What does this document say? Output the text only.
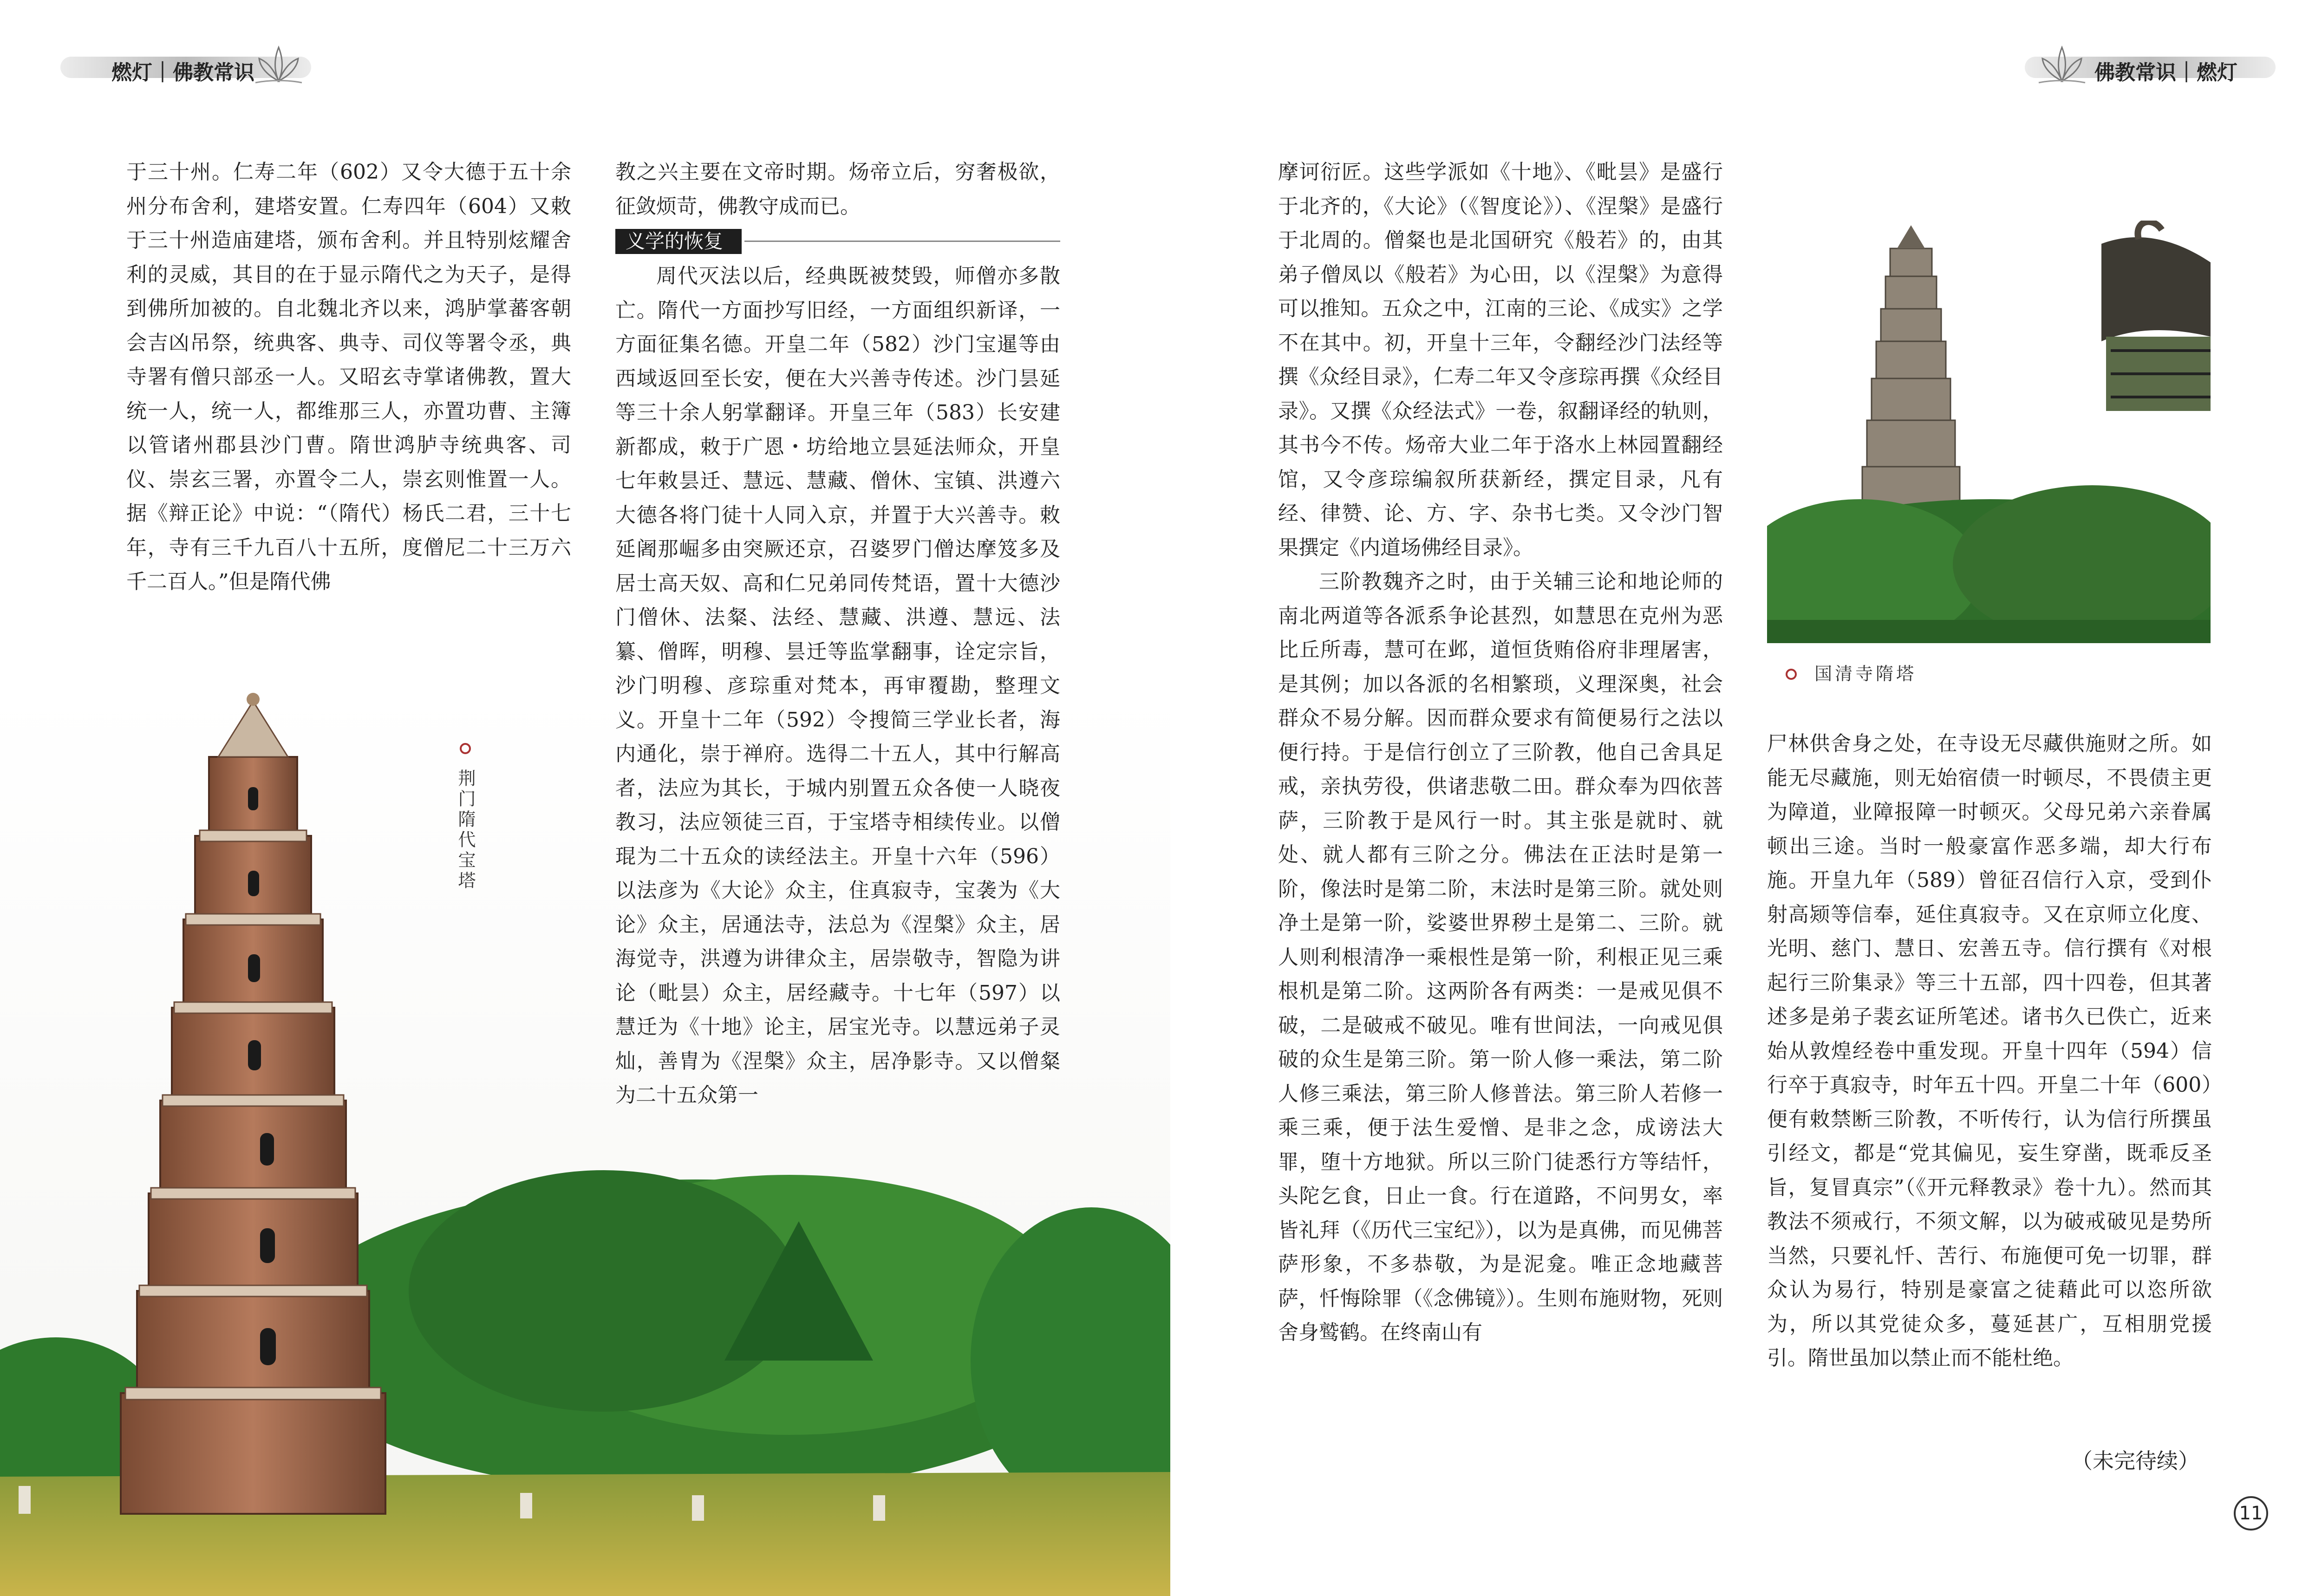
燃灯｜佛教常识	佛教常识｜燃灯
荆门隋代宝塔
国清寺隋塔

于三十州。仁寿二年（602）又令大德于五十余州分布舍利，建塔安置。仁寿四年（604）又敕于三十州造庙建塔，颁布舍利。并且特别炫耀舍利的灵威，其目的在于显示隋代之为天子，是得到佛所加被的。自北魏北齐以来，鸿胪掌蕃客朝会吉凶吊祭，统典客、典寺、司仪等署令丞，典寺署有僧只部丞一人。又昭玄寺掌诸佛教，置大统一人，统一人，都维那三人，亦置功曹、主簿以管诸州郡县沙门曹。隋世鸿胪寺统典客、司仪、崇玄三署，亦置令二人，崇玄则惟置一人。据《辩正论》中说：“（隋代）杨氏二君，三十七年，寺有三千九百八十五所，度僧尼二十三万六千二百人。”但是隋代佛

教之兴主要在文帝时期。炀帝立后，穷奢极欲，征敛烦苛，佛教守成而已。

义学的恢复

周代灭法以后，经典既被焚毁，师僧亦多散亡。隋代一方面抄写旧经，一方面组织新译，一方面征集名德。开皇二年（582）沙门宝暹等由西域返回至长安，便在大兴善寺传述。沙门昙延等三十余人躬掌翻译。开皇三年（583）长安建新都成，敕于广恩・坊给地立昙延法师众，开皇七年敕昙迁、慧远、慧藏、僧休、宝镇、洪遵六大德各将门徒十人同入京，并置于大兴善寺。敕延阇那崛多由突厥还京，召婆罗门僧达摩笈多及居士高天奴、高和仁兄弟同传梵语，置十大德沙门僧休、法粲、法经、慧藏、洪遵、慧远、法纂、僧晖，明穆、昙迁等监掌翻事，诠定宗旨，沙门明穆、彦琮重对梵本，再审覆勘，整理文义。开皇十二年（592）令搜简三学业长者，海内通化，崇于禅府。选得二十五人，其中行解高者，法应为其长，于城内别置五众各使一人晓夜教习，法应领徒三百，于宝塔寺相续传业。以僧琨为二十五众的读经法主。开皇十六年（596）以法彦为《大论》众主，住真寂寺，宝袭为《大论》众主，居通法寺，法总为《涅槃》众主，居海觉寺，洪遵为讲律众主，居崇敬寺，智隐为讲论（毗昙）众主，居经藏寺。十七年（597）以慧迁为《十地》论主，居宝光寺。以慧远弟子灵灿，善胄为《涅槃》众主，居净影寺。又以僧粲为二十五众第一

摩诃衍匠。这些学派如《十地》、《毗昙》是盛行于北齐的，《大论》（《智度论》）、《涅槃》是盛行于北周的。僧粲也是北国研究《般若》的，由其弟子僧凤以《般若》为心田，以《涅槃》为意得可以推知。五众之中，江南的三论、《成实》之学不在其中。初，开皇十三年，令翻经沙门法经等撰《众经目录》，仁寿二年又令彦琮再撰《众经目录》。又撰《众经法式》一卷，叙翻译经的轨则，其书今不传。炀帝大业二年于洛水上林园置翻经馆，又令彦琮编叙所获新经，撰定目录，凡有经、律赞、论、方、字、杂书七类。又令沙门智果撰定《内道场佛经目录》。

三阶教魏齐之时，由于关辅三论和地论师的南北两道等各派系争论甚烈，如慧思在克州为恶比丘所毒，慧可在邺，道恒货贿俗府非理屠害，是其例；加以各派的名相繁琐，义理深奥，社会群众不易分解。因而群众要求有简便易行之法以便行持。于是信行创立了三阶教，他自己舍具足戒，亲执劳役，供诸悲敬二田。群众奉为四依菩萨，三阶教于是风行一时。其主张是就时、就处、就人都有三阶之分。佛法在正法时是第一阶，像法时是第二阶，末法时是第三阶。就处则净土是第一阶，娑婆世界秽土是第二、三阶。就人则利根清净一乘根性是第一阶，利根正见三乘根机是第二阶。这两阶各有两类：一是戒见俱不破，二是破戒不破见。唯有世间法，一向戒见俱破的众生是第三阶。第一阶人修一乘法，第二阶人修三乘法，第三阶人修普法。第三阶人若修一乘三乘，便于法生爱憎、是非之念，成谤法大罪，堕十方地狱。所以三阶门徒悉行方等结忏，头陀乞食，日止一食。行在道路，不问男女，率皆礼拜（《历代三宝纪》），以为是真佛，而见佛菩萨形象，不多恭敬，为是泥龛。唯正念地藏菩萨，忏悔除罪（《念佛镜》）。生则布施财物，死则舍身鹫鹤。在终南山有

尸林供舍身之处，在寺设无尽藏供施财之所。如能无尽藏施，则无始宿债一时顿尽，不畏债主更为障道，业障报障一时顿灭。父母兄弟六亲眷属顿出三途。当时一般豪富作恶多端，却大行布施。开皇九年（589）曾征召信行入京，受到仆射高颎等信奉，延住真寂寺。又在京师立化度、光明、慈门、慧日、宏善五寺。信行撰有《对根起行三阶集录》等三十五部，四十四卷，但其著述多是弟子裴玄证所笔述。诸书久已佚亡，近来始从敦煌经卷中重发现。开皇十四年（594）信行卒于真寂寺，时年五十四。开皇二十年（600）便有敕禁断三阶教，不听传行，认为信行所撰虽引经文，都是“党其偏见，妄生穿凿，既乖反圣旨，复冒真宗”（《开元释教录》卷十九）。然而其教法不须戒行，不须文解，以为破戒破见是势所当然，只要礼忏、苦行、布施便可免一切罪，群众认为易行，特别是豪富之徒藉此可以恣所欲为，所以其党徒众多，蔓延甚广，互相朋党援引。隋世虽加以禁止而不能杜绝。

（未完待续）
11
